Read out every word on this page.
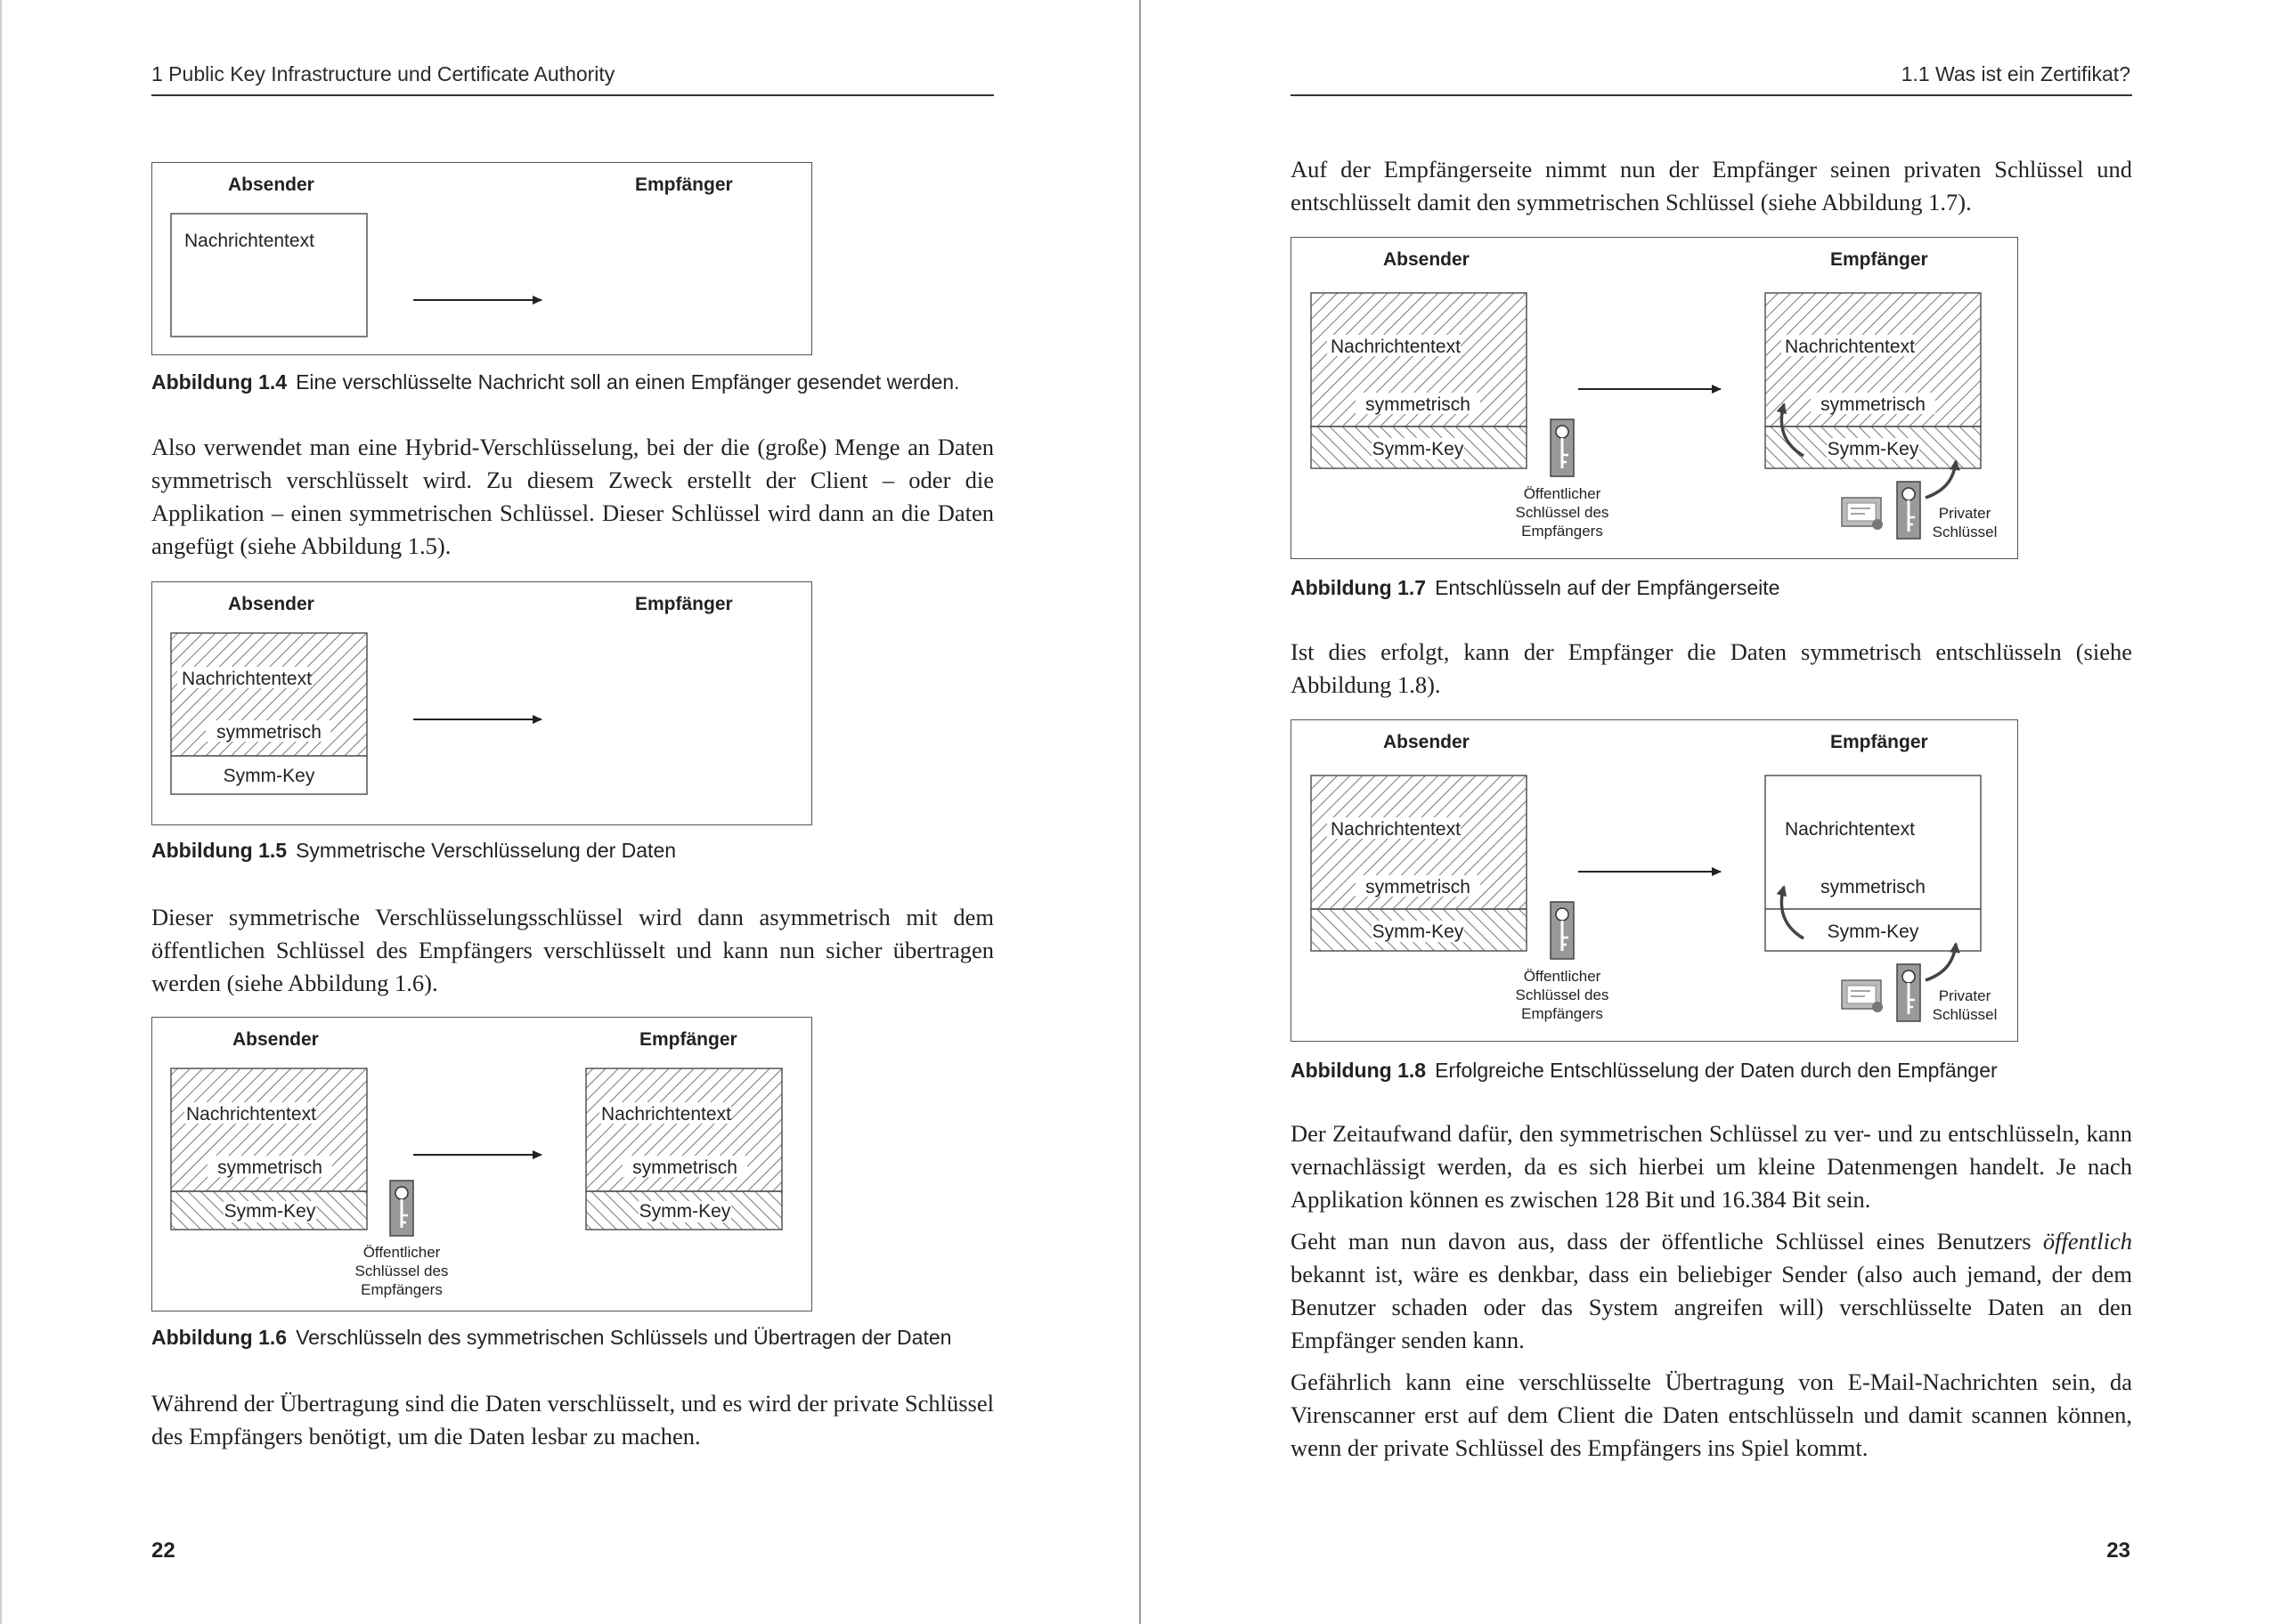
1 Public Key Infrastructure und Certificate Authority
Absender	Empfänger
Nachrichtentext
Abbildung 1.4 Eine verschlüsselte Nachricht soll an einen Empfänger gesendet werden.

Also verwendet man eine Hybrid-Verschlüsselung, bei der die (große) Menge an Daten symmetrisch verschlüsselt wird. Zu diesem Zweck erstellt der Client – oder die Applikation – einen symmetrischen Schlüssel. Dieser Schlüssel wird dann an die Daten angefügt (siehe Abbildung 1.5).

Absender	Empfänger
Nachrichtentext
symmetrisch
Symm-Key
Abbildung 1.5 Symmetrische Verschlüsselung der Daten

Dieser symmetrische Verschlüsselungsschlüssel wird dann asymmetrisch mit dem öffentlichen Schlüssel des Empfängers verschlüsselt und kann nun sicher übertragen werden (siehe Abbildung 1.6).

Absender	Empfänger
Nachrichtentext
symmetrisch
Symm-Key
Öffentlicher
Schlüssel des
Empfängers
Nachrichtentext
symmetrisch
Symm-Key
Abbildung 1.6 Verschlüsseln des symmetrischen Schlüssels und Übertragen der Daten

Während der Übertragung sind die Daten verschlüsselt, und es wird der private Schlüssel des Empfängers benötigt, um die Daten lesbar zu machen.

22
1.1 Was ist ein Zertifikat?

Auf der Empfängerseite nimmt nun der Empfänger seinen privaten Schlüssel und entschlüsselt damit den symmetrischen Schlüssel (siehe Abbildung 1.7).

Absender	Empfänger
Nachrichtentext
symmetrisch
Symm-Key
Öffentlicher
Schlüssel des
Empfängers
Nachrichtentext
symmetrisch
Symm-Key
Privater
Schlüssel
Abbildung 1.7 Entschlüsseln auf der Empfängerseite

Ist dies erfolgt, kann der Empfänger die Daten symmetrisch entschlüsseln (siehe Abbildung 1.8).

Absender	Empfänger
Nachrichtentext
symmetrisch
Symm-Key
Öffentlicher
Schlüssel des
Empfängers
Nachrichtentext
symmetrisch
Symm-Key
Privater
Schlüssel
Abbildung 1.8 Erfolgreiche Entschlüsselung der Daten durch den Empfänger

Der Zeitaufwand dafür, den symmetrischen Schlüssel zu ver- und zu entschlüsseln, kann vernachlässigt werden, da es sich hierbei um kleine Datenmengen handelt. Je nach Applikation können es zwischen 128 Bit und 16.384 Bit sein.

Geht man nun davon aus, dass der öffentliche Schlüssel eines Benutzers öffentlich bekannt ist, wäre es denkbar, dass ein beliebiger Sender (also auch jemand, der dem Benutzer schaden oder das System angreifen will) verschlüsselte Daten an den Empfänger senden kann.

Gefährlich kann eine verschlüsselte Übertragung von E-Mail-Nachrichten sein, da Virenscanner erst auf dem Client die Daten entschlüsseln und damit scannen können, wenn der private Schlüssel des Empfängers ins Spiel kommt.

23
